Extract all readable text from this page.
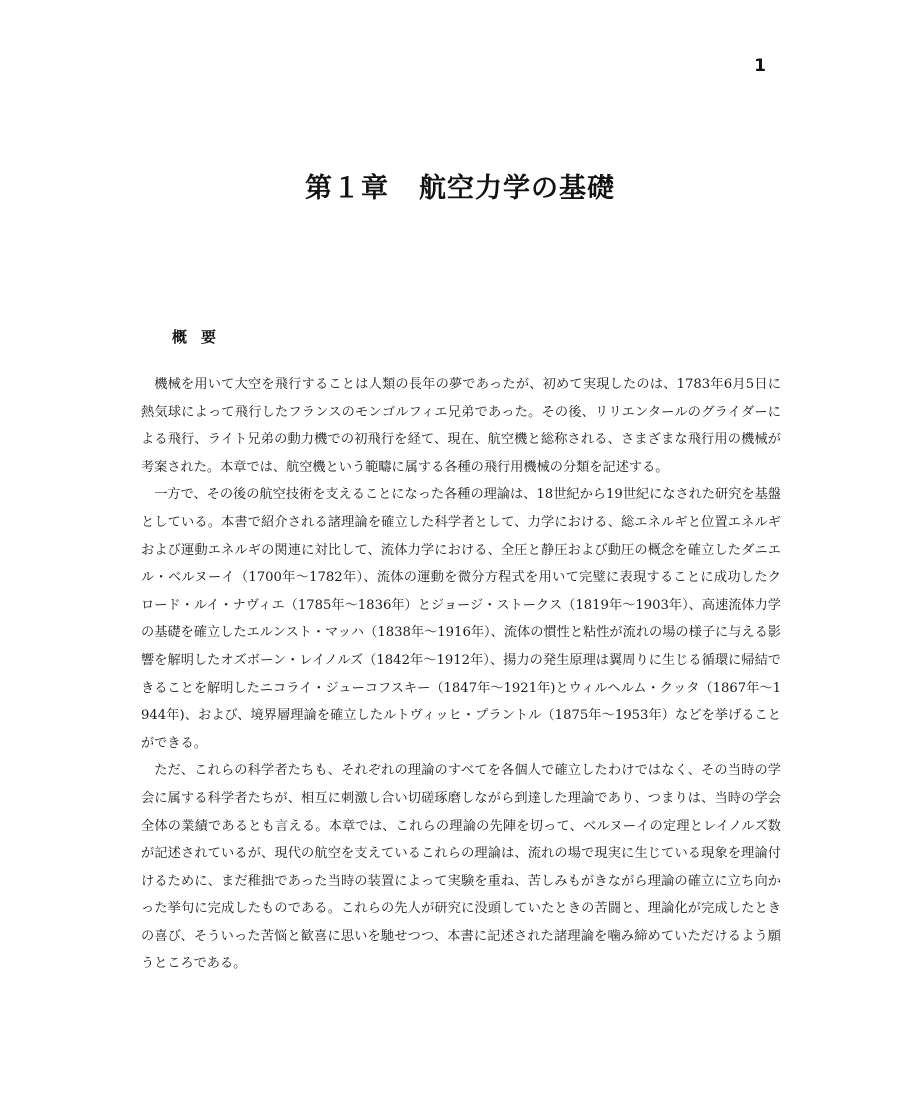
1
第１章 航空力学の基礎
概要

機械を用いて大空を飛行することは人類の長年の夢であったが、初めて実現したのは、1783年6月5日に熱気球によって飛行したフランスのモンゴルフィエ兄弟であった。その後、リリエンタールのグライダーによる飛行、ライト兄弟の動力機での初飛行を経て、現在、航空機と総称される、さまざまな飛行用の機械が考案された。本章では、航空機という範疇に属する各種の飛行用機械の分類を記述する。

一方で、その後の航空技術を支えることになった各種の理論は、18世紀から19世紀になされた研究を基盤としている。本書で紹介される諸理論を確立した科学者として、力学における、総エネルギと位置エネルギおよび運動エネルギの関連に対比して、流体力学における、全圧と静圧および動圧の概念を確立したダニエル・ベルヌーイ（1700年～1782年）、流体の運動を微分方程式を用いて完璧に表現することに成功したクロード・ルイ・ナヴィエ（1785年～1836年）とジョージ・ストークス（1819年～1903年）、高速流体力学の基礎を確立したエルンスト・マッハ（1838年～1916年）、流体の慣性と粘性が流れの場の様子に与える影響を解明したオズボーン・レイノルズ（1842年～1912年）、揚力の発生原理は翼周りに生じる循環に帰結できることを解明したニコライ・ジューコフスキー（1847年～1921年)とウィルヘルム・クッタ（1867年～1944年)、および、境界層理論を確立したルトヴィッヒ・プラントル（1875年～1953年）などを挙げることができる。

ただ、これらの科学者たちも、それぞれの理論のすべてを各個人で確立したわけではなく、その当時の学会に属する科学者たちが、相互に刺激し合い切磋琢磨しながら到達した理論であり、つまりは、当時の学会全体の業績であるとも言える。本章では、これらの理論の先陣を切って、ベルヌーイの定理とレイノルズ数が記述されているが、現代の航空を支えているこれらの理論は、流れの場で現実に生じている現象を理論付けるために、まだ稚拙であった当時の装置によって実験を重ね、苦しみもがきながら理論の確立に立ち向かった挙句に完成したものである。これらの先人が研究に没頭していたときの苦闘と、理論化が完成したときの喜び、そういった苦悩と歓喜に思いを馳せつつ、本書に記述された諸理論を噛み締めていただけるよう願うところである。
